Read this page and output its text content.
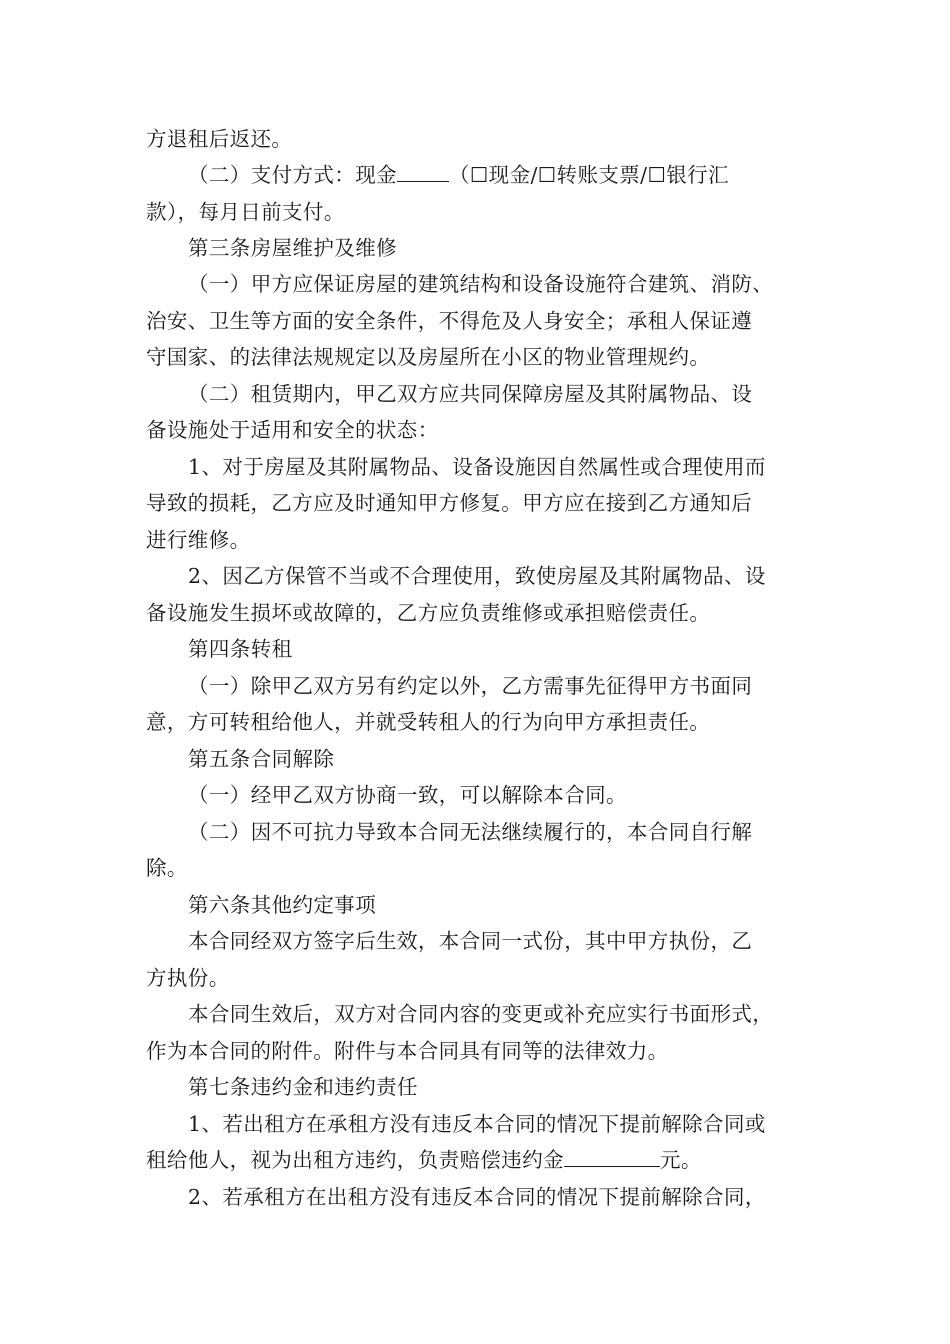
方退租后返还。
（二）支付方式：现金	（☐现金/☐转账支票/☐银行汇
款），每月日前支付。
第三条房屋维护及维修
（一）甲方应保证房屋的建筑结构和设备设施符合建筑、消防、
治安、卫生等方面的安全条件，不得危及人身安全；承租人保证遵
守国家、的法律法规规定以及房屋所在小区的物业管理规约。
（二）租赁期内，甲乙双方应共同保障房屋及其附属物品、设
备设施处于适用和安全的状态：
1、对于房屋及其附属物品、设备设施因自然属性或合理使用而
导致的损耗，乙方应及时通知甲方修复。甲方应在接到乙方通知后
进行维修。
2、因乙方保管不当或不合理使用，致使房屋及其附属物品、设
备设施发生损坏或故障的，乙方应负责维修或承担赔偿责任。
第四条转租
（一）除甲乙双方另有约定以外，乙方需事先征得甲方书面同
意，方可转租给他人，并就受转租人的行为向甲方承担责任。
第五条合同解除
（一）经甲乙双方协商一致，可以解除本合同。
（二）因不可抗力导致本合同无法继续履行的，本合同自行解
除。
第六条其他约定事项
本合同经双方签字后生效，本合同一式份，其中甲方执份，乙
方执份。
本合同生效后，双方对合同内容的变更或补充应实行书面形式，
作为本合同的附件。附件与本合同具有同等的法律效力。
第七条违约金和违约责任
1、若出租方在承租方没有违反本合同的情况下提前解除合同或
租给他人，视为出租方违约，负责赔偿违约金	元。
2、若承租方在出租方没有违反本合同的情况下提前解除合同，
